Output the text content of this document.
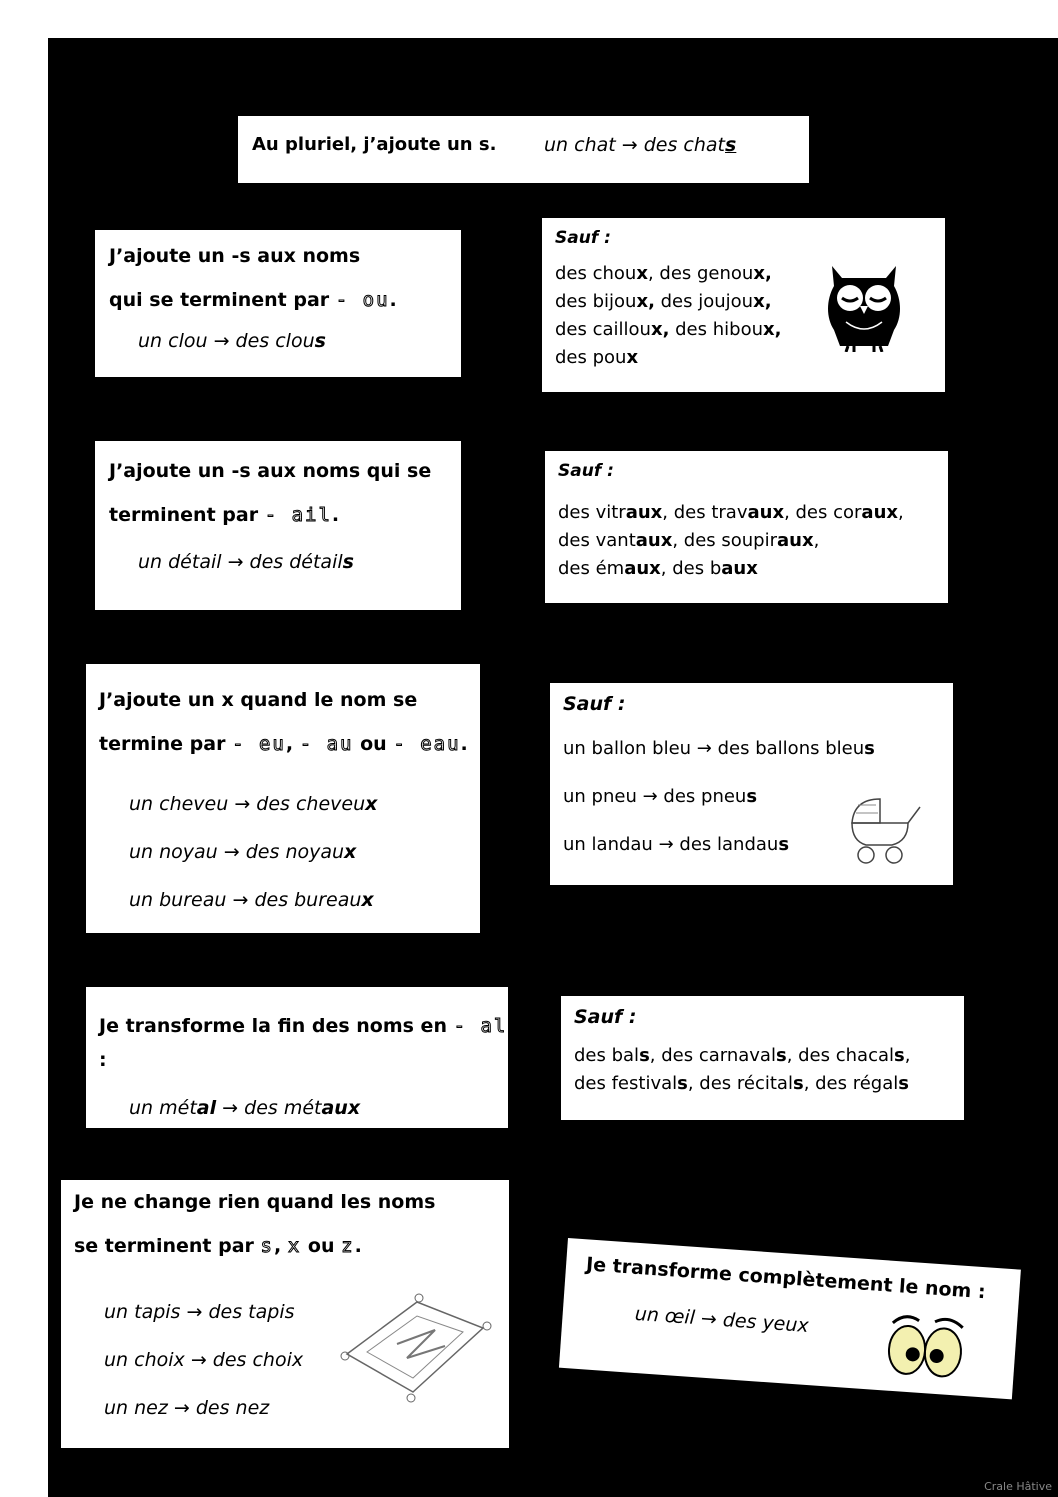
Au pluriel, j’ajoute un s.	un chat → des chats
J’ajoute un -s aux noms
qui se terminent par - ou.
un clou → des clous
Sauf :
des choux, des genoux,
des bijoux, des joujoux,
des cailloux, des hiboux,
des poux
J’ajoute un -s aux noms qui se
terminent par - ail.
un détail → des détails
Sauf :
des vitraux, des travaux, des coraux,
des vantaux, des soupiraux,
des émaux, des baux
J’ajoute un x quand le nom se
termine par - eu, - au ou - eau.
un cheveu → des cheveux
un noyau → des noyaux
un bureau → des bureaux
Sauf :
un ballon bleu → des ballons bleus
un pneu → des pneus
un landau → des landaus
Je transforme la fin des noms en - al :
un métal → des métaux
Sauf :
des bals, des carnavals, des chacals,
des festivals, des récitals, des régals
Je ne change rien quand les noms
se terminent par s, x ou z.
un tapis → des tapis
un choix → des choix
un nez → des nez
Je transforme complètement le nom :
un œil → des yeux
Crale Hâtive
